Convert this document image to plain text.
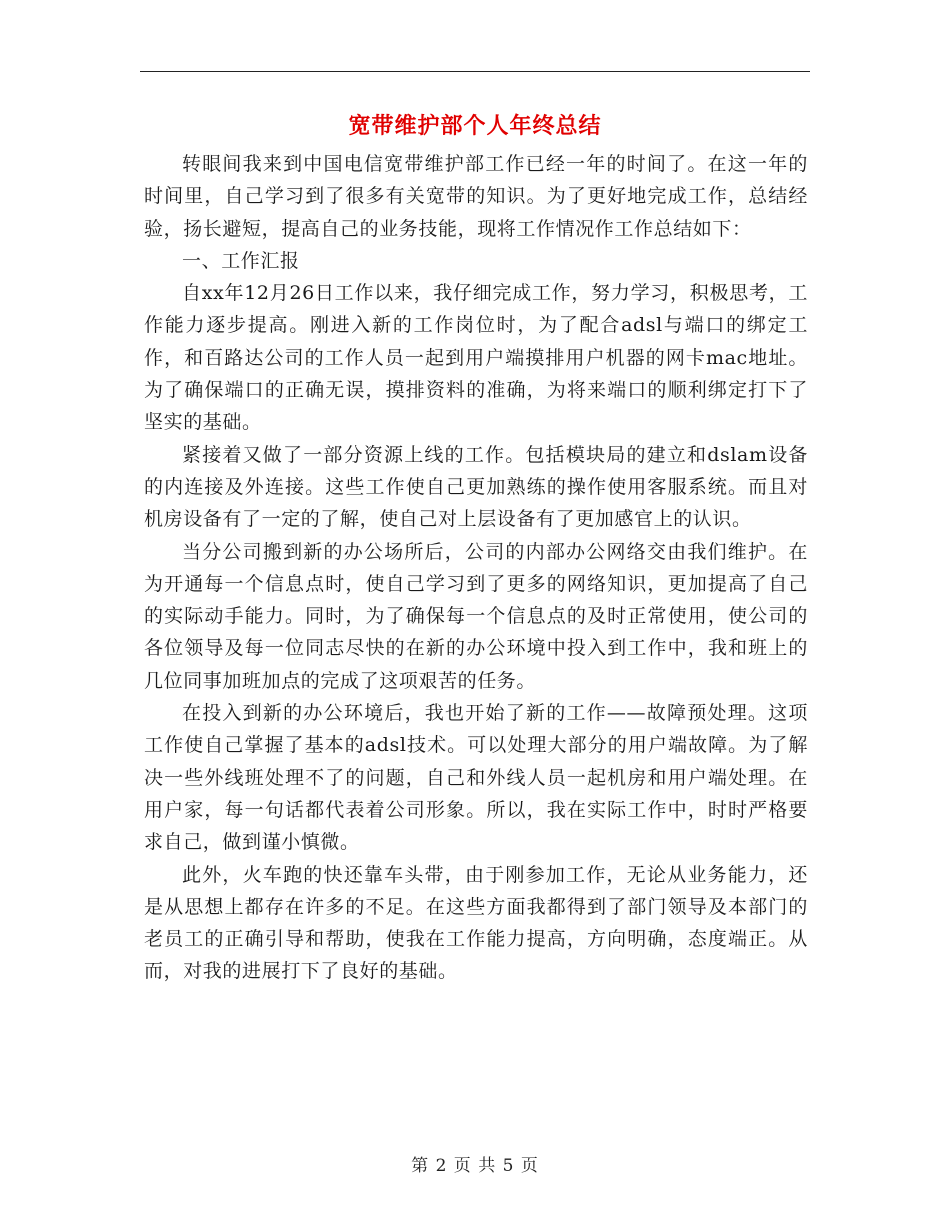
宽带维护部个人年终总结

转眼间我来到中国电信宽带维护部工作已经一年的时间了。在这一年的时间里，自己学习到了很多有关宽带的知识。为了更好地完成工作，总结经验，扬长避短，提高自己的业务技能，现将工作情况作工作总结如下：

一、工作汇报

自xx年12月26日工作以来，我仔细完成工作，努力学习，积极思考，工作能力逐步提高。刚进入新的工作岗位时，为了配合adsl与端口的绑定工作，和百路达公司的工作人员一起到用户端摸排用户机器的网卡mac地址。为了确保端口的正确无误，摸排资料的准确，为将来端口的顺利绑定打下了坚实的基础。

紧接着又做了一部分资源上线的工作。包括模块局的建立和dslam设备的内连接及外连接。这些工作使自己更加熟练的操作使用客服系统。而且对机房设备有了一定的了解，使自己对上层设备有了更加感官上的认识。

当分公司搬到新的办公场所后，公司的内部办公网络交由我们维护。在为开通每一个信息点时，使自己学习到了更多的网络知识，更加提高了自己的实际动手能力。同时，为了确保每一个信息点的及时正常使用，使公司的各位领导及每一位同志尽快的在新的办公环境中投入到工作中，我和班上的几位同事加班加点的完成了这项艰苦的任务。

在投入到新的办公环境后，我也开始了新的工作——故障预处理。这项工作使自己掌握了基本的adsl技术。可以处理大部分的用户端故障。为了解决一些外线班处理不了的问题，自己和外线人员一起机房和用户端处理。在用户家，每一句话都代表着公司形象。所以，我在实际工作中，时时严格要求自己，做到谨小慎微。

此外，火车跑的快还靠车头带，由于刚参加工作，无论从业务能力，还是从思想上都存在许多的不足。在这些方面我都得到了部门领导及本部门的老员工的正确引导和帮助，使我在工作能力提高，方向明确，态度端正。从而，对我的进展打下了良好的基础。

第 2 页 共 5 页
